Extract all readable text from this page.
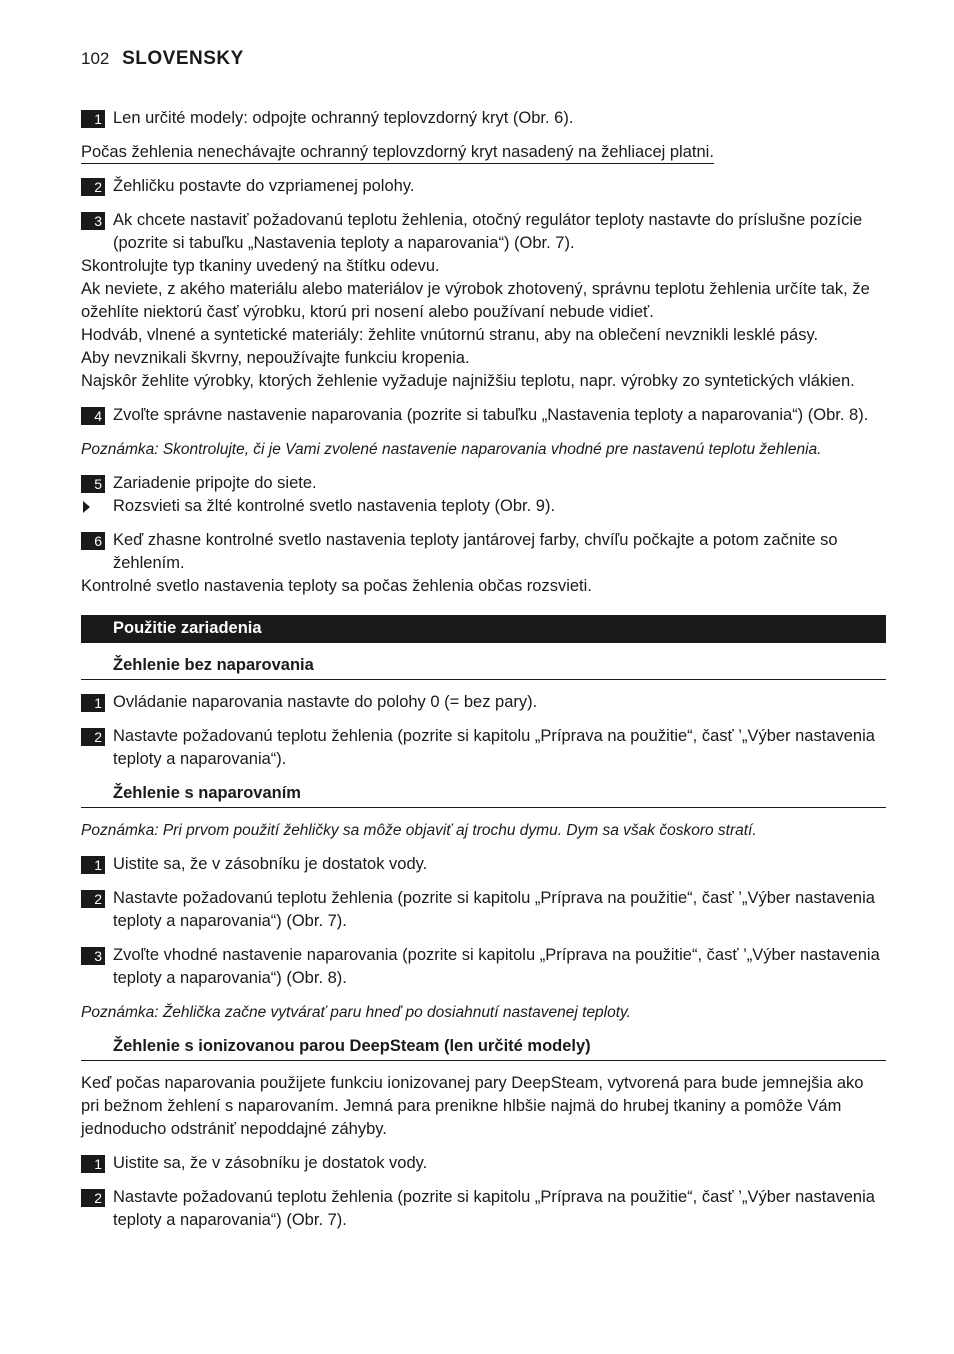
102 SLOVENSKY
1 Len určité modely: odpojte ochranný teplovzdorný kryt (Obr. 6).
Počas žehlenia nenechávajte ochranný teplovzdorný kryt nasadený na žehliacej platni.
2 Žehličku postavte do vzpriamenej polohy.
3 Ak chcete nastaviť požadovanú teplotu žehlenia, otočný regulátor teploty nastavte do príslušne pozície (pozrite si tabuľku „Nastavenia teploty a naparovania“) (Obr. 7).
Skontrolujte typ tkaniny uvedený na štítku odevu.
Ak neviete, z akého materiálu alebo materiálov je výrobok zhotovený, správnu teplotu žehlenia určíte tak, že ožehlíte niektorú časť výrobku, ktorú pri nosení alebo používaní nebude vidieť.
Hodváb, vlnené a syntetické materiály: žehlite vnútornú stranu, aby na oblečení nevznikli lesklé pásy.
Aby nevznikali škvrny, nepoužívajte funkciu kropenia.
Najskôr žehlite výrobky, ktorých žehlenie vyžaduje najnižšiu teplotu, napr. výrobky zo syntetických vlákien.
4 Zvoľte správne nastavenie naparovania (pozrite si tabuľku „Nastavenia teploty a naparovania“) (Obr. 8).
Poznámka: Skontrolujte, či je Vami zvolené nastavenie naparovania vhodné pre nastavenú teplotu žehlenia.
5 Zariadenie pripojte do siete.
Rozsvieti sa žlté kontrolné svetlo nastavenia teploty (Obr. 9).
6 Keď zhasne kontrolné svetlo nastavenia teploty jantárovej farby, chvíľu počkajte a potom začnite so žehlením.
Kontrolné svetlo nastavenia teploty sa počas žehlenia občas rozsvieti.
Použitie zariadenia
Žehlenie bez naparovania
1 Ovládanie naparovania nastavte do polohy 0 (= bez pary).
2 Nastavte požadovanú teplotu žehlenia (pozrite si kapitolu „Príprava na použitie“, časť ’„Výber nastavenia teploty a naparovania“).
Žehlenie s naparovaním
Poznámka: Pri prvom použití žehličky sa môže objaviť aj trochu dymu. Dym sa však čoskoro stratí.
1 Uistite sa, že v zásobníku je dostatok vody.
2 Nastavte požadovanú teplotu žehlenia (pozrite si kapitolu „Príprava na použitie“, časť ’„Výber nastavenia teploty a naparovania“) (Obr. 7).
3 Zvoľte vhodné nastavenie naparovania (pozrite si kapitolu „Príprava na použitie“, časť ’„Výber nastavenia teploty a naparovania“) (Obr. 8).
Poznámka: Žehlička začne vytvárať paru hneď po dosiahnutí nastavenej teploty.
Žehlenie s ionizovanou parou DeepSteam (len určité modely)
Keď počas naparovania použijete funkciu ionizovanej pary DeepSteam, vytvorená para bude jemnejšia ako pri bežnom žehlení s naparovaním. Jemná para prenikne hlbšie najmä do hrubej tkaniny a pomôže Vám jednoducho odstrániť nepoddajné záhyby.
1 Uistite sa, že v zásobníku je dostatok vody.
2 Nastavte požadovanú teplotu žehlenia (pozrite si kapitolu „Príprava na použitie“, časť ’„Výber nastavenia teploty a naparovania“) (Obr. 7).
